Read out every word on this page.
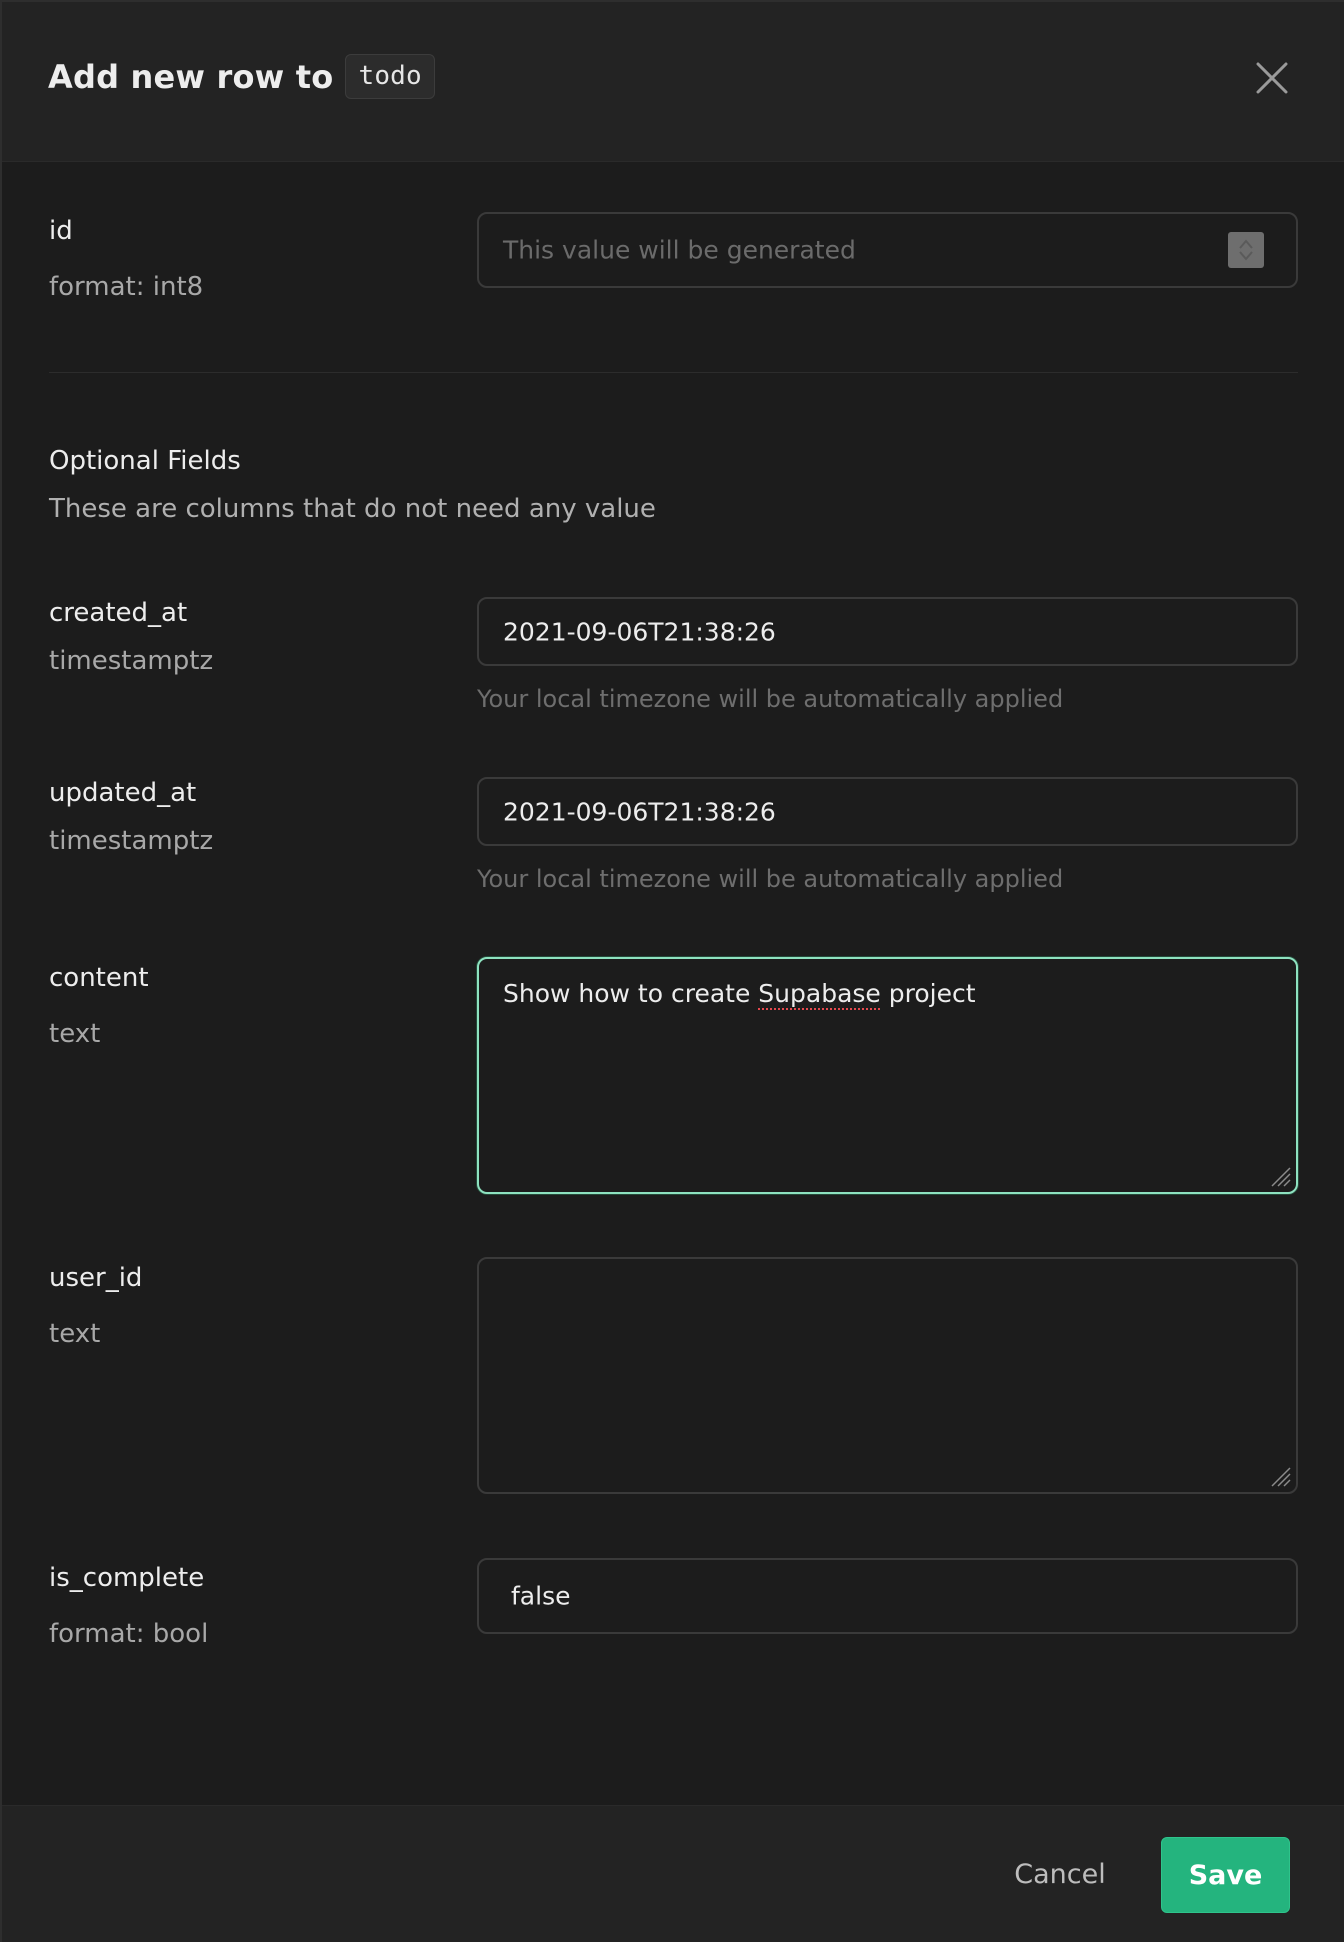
Add new row to todo
id
format: int8
This value will be generated
Optional Fields
These are columns that do not need any value
created_at
timestamptz
2021-09-06T21:38:26
Your local timezone will be automatically applied
updated_at
timestamptz
2021-09-06T21:38:26
Your local timezone will be automatically applied
content
text
Show how to create Supabase project
user_id
text
is_complete
format: bool
false
Cancel	Save
